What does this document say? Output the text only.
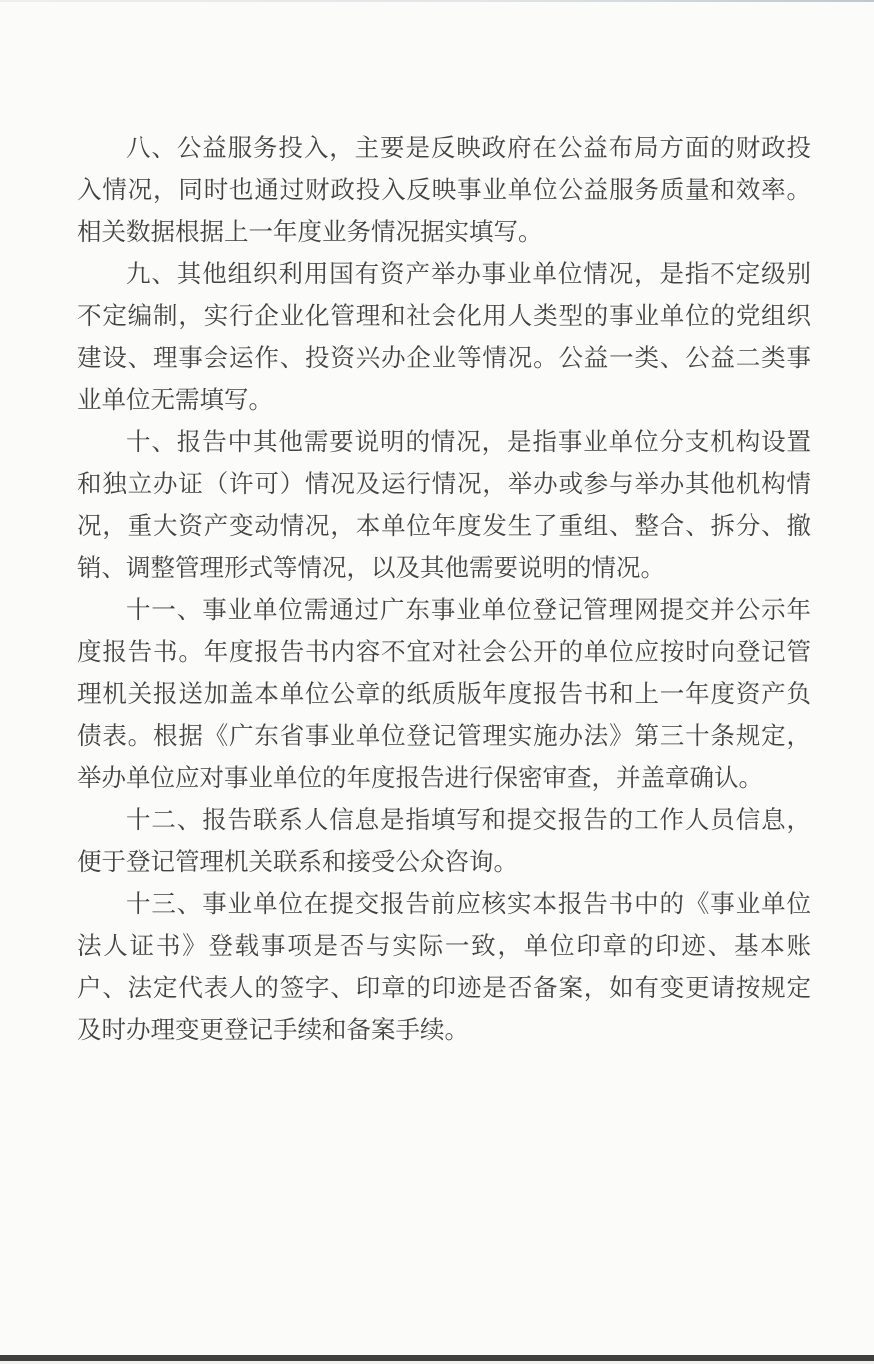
八、公益服务投入，主要是反映政府在公益布局方面的财政投入情况，同时也通过财政投入反映事业单位公益服务质量和效率。相关数据根据上一年度业务情况据实填写。

九、其他组织利用国有资产举办事业单位情况，是指不定级别不定编制，实行企业化管理和社会化用人类型的事业单位的党组织建设、理事会运作、投资兴办企业等情况。公益一类、公益二类事业单位无需填写。

十、报告中其他需要说明的情况，是指事业单位分支机构设置和独立办证（许可）情况及运行情况，举办或参与举办其他机构情况，重大资产变动情况，本单位年度发生了重组、整合、拆分、撤销、调整管理形式等情况，以及其他需要说明的情况。

十一、事业单位需通过广东事业单位登记管理网提交并公示年度报告书。年度报告书内容不宜对社会公开的单位应按时向登记管理机关报送加盖本单位公章的纸质版年度报告书和上一年度资产负债表。根据《广东省事业单位登记管理实施办法》第三十条规定，举办单位应对事业单位的年度报告进行保密审查，并盖章确认。

十二、报告联系人信息是指填写和提交报告的工作人员信息，便于登记管理机关联系和接受公众咨询。

十三、事业单位在提交报告前应核实本报告书中的《事业单位法人证书》登载事项是否与实际一致，单位印章的印迹、基本账户、法定代表人的签字、印章的印迹是否备案，如有变更请按规定及时办理变更登记手续和备案手续。
